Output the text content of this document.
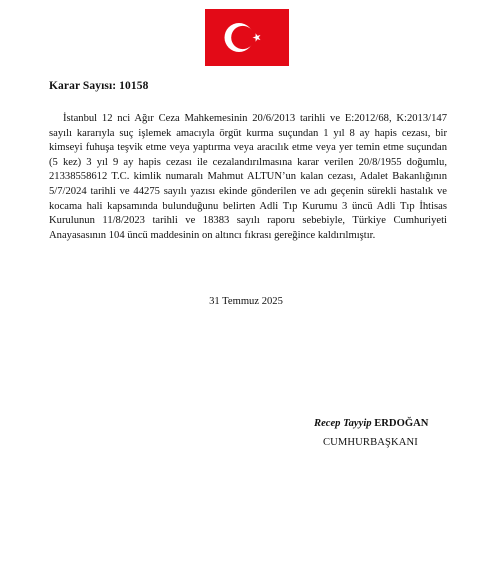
Karar Sayısı: 10158

İstanbul 12 nci Ağır Ceza Mahkemesinin 20/6/2013 tarihli ve E:2012/68, K:2013/147 sayılı kararıyla suç işlemek amacıyla örgüt kurma suçundan 1 yıl 8 ay hapis cezası, bir kimseyi fuhuşa teşvik etme veya yaptırma veya aracılık etme veya yer temin etme suçundan (5 kez) 3 yıl 9 ay hapis cezası ile cezalandırılmasına karar verilen 20/8/1955 doğumlu, 21338558612 T.C. kimlik numaralı Mahmut ALTUN’un kalan cezası, Adalet Bakanlığının 5/7/2024 tarihli ve 44275 sayılı yazısı ekinde gönderilen ve adı geçenin sürekli hastalık ve kocama hali kapsamında bulunduğunu belirten Adli Tıp Kurumu 3 üncü Adli Tıp İhtisas Kurulunun 11/8/2023 tarihli ve 18383 sayılı raporu sebebiyle, Türkiye Cumhuriyeti Anayasasının 104 üncü maddesinin on altıncı fıkrası gereğince kaldırılmıştır.

31 Temmuz 2025
Recep Tayyip ERDOĞAN
CUMHURBAŞKANI
